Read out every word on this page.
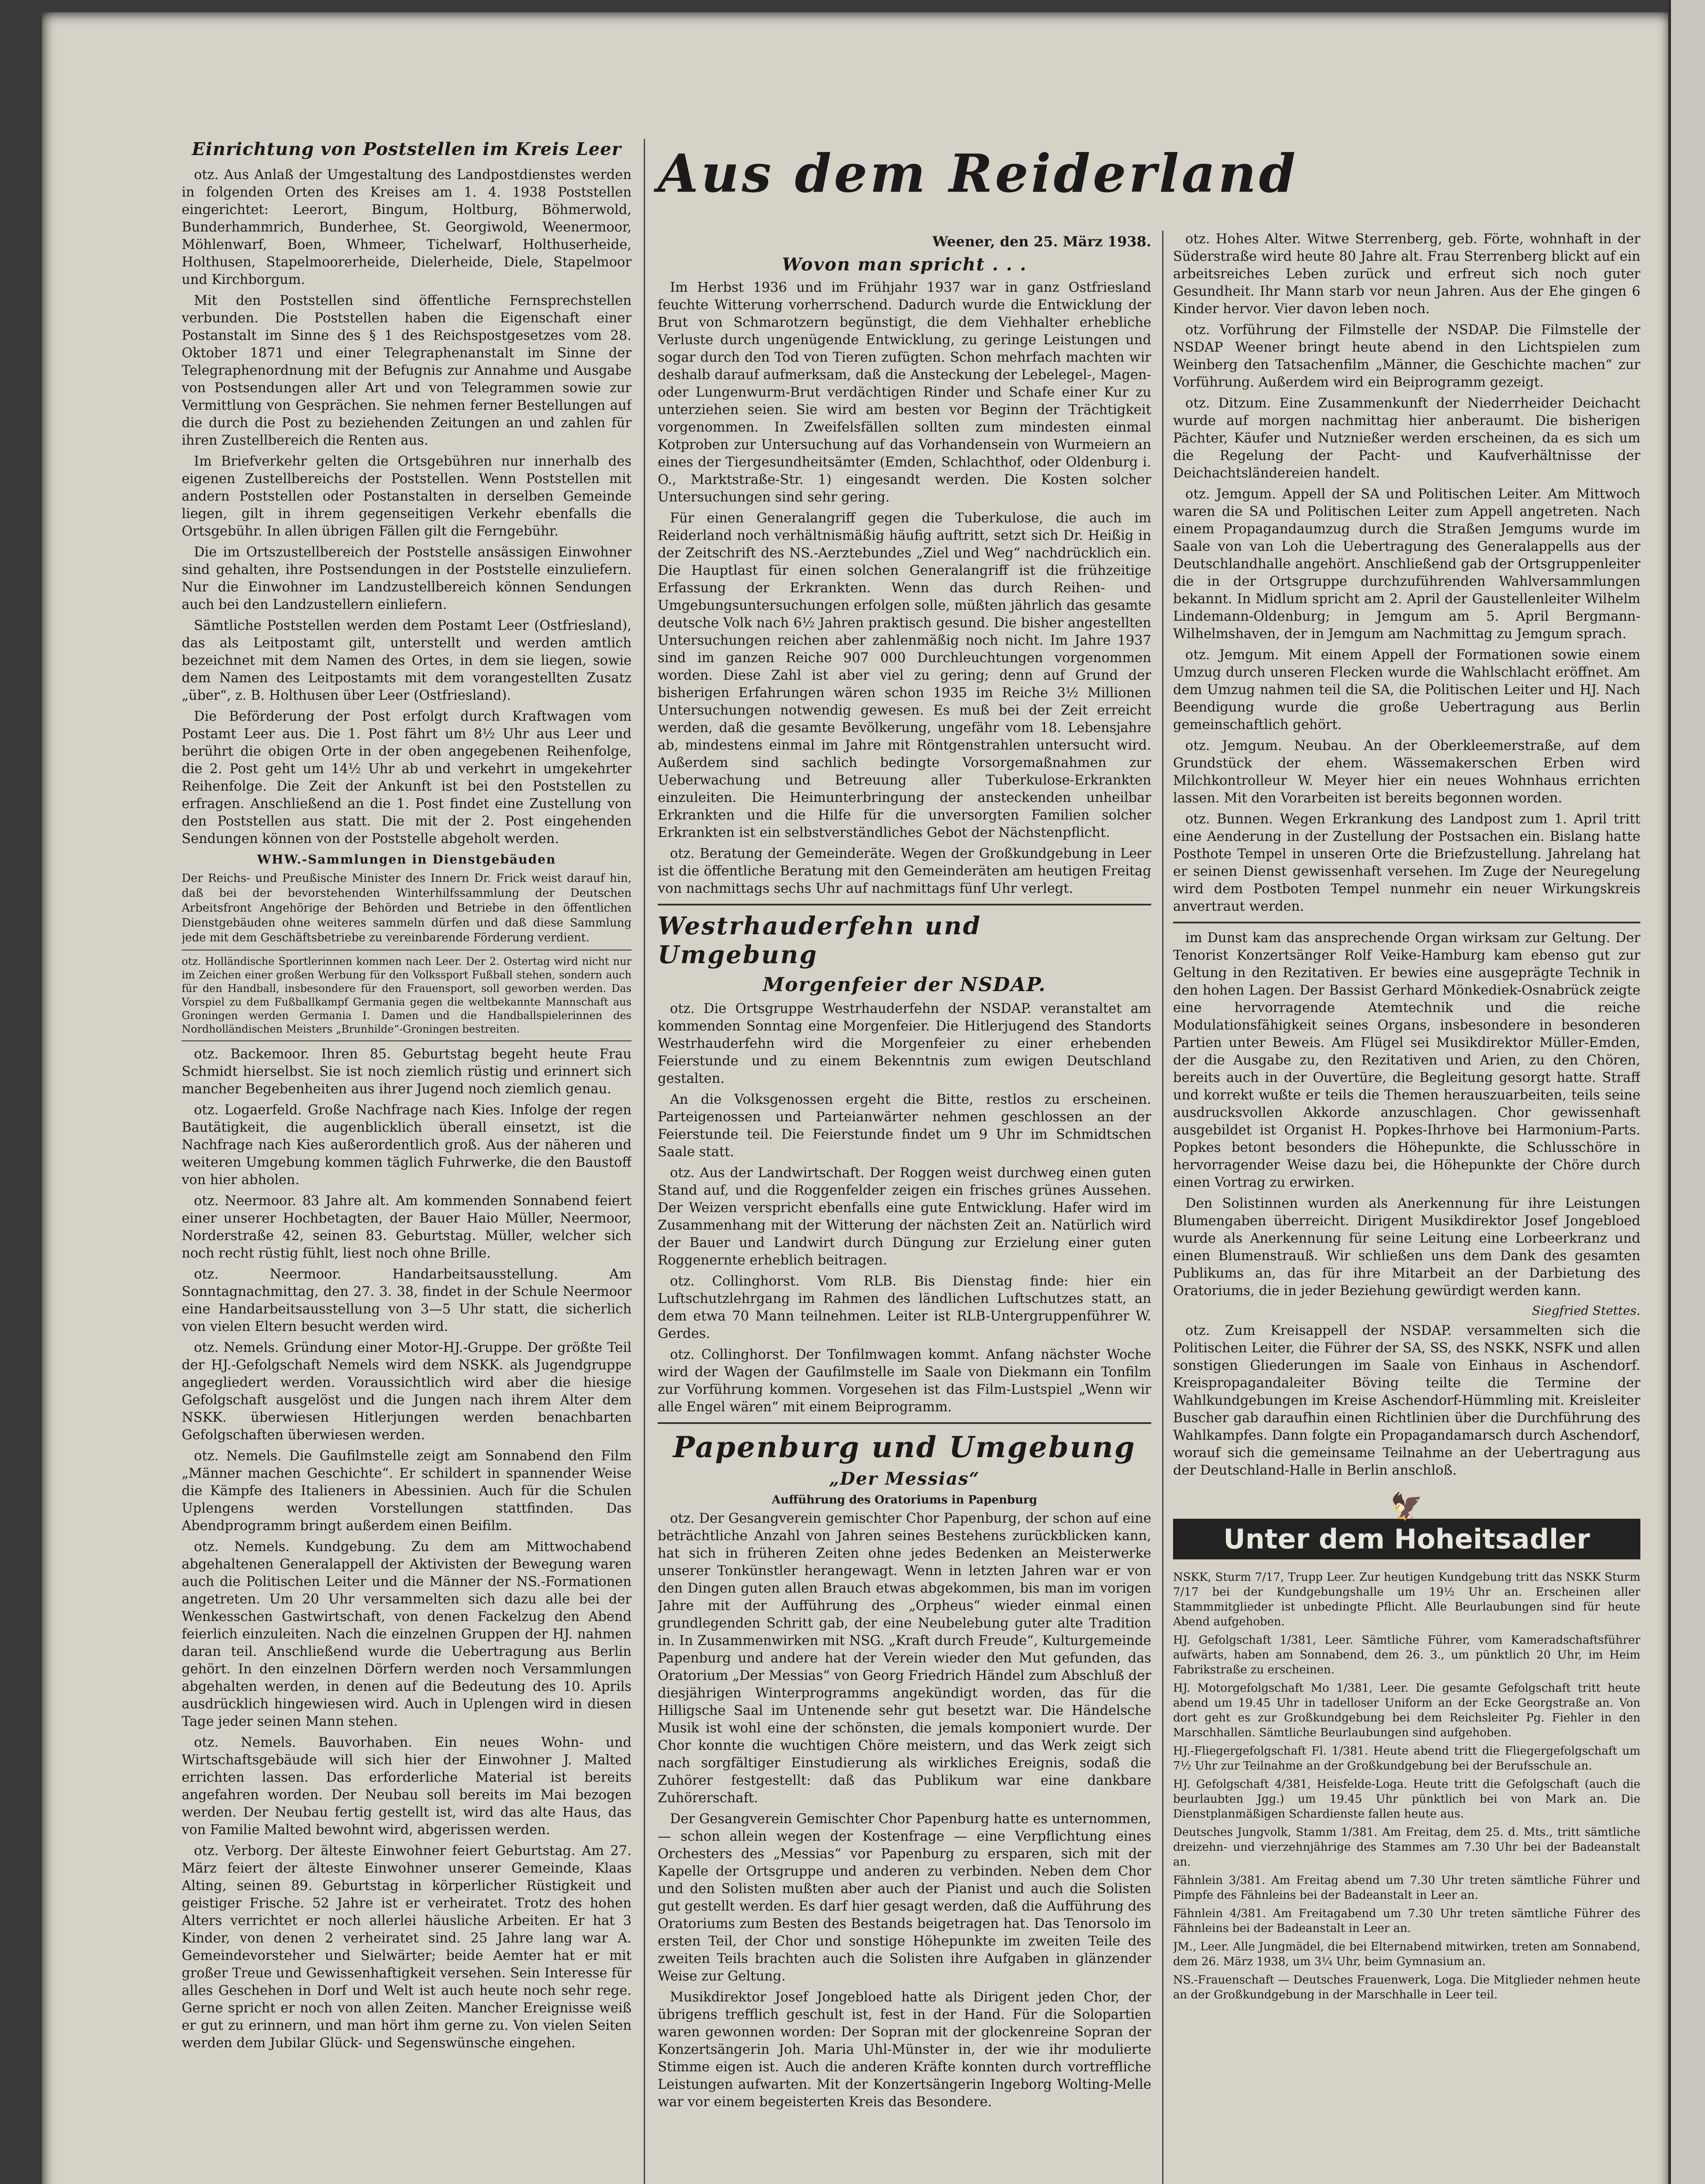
Einrichtung von Poststellen im Kreis Leer

otz. Aus Anlaß der Umgestaltung des Landpostdienstes werden in folgenden Orten des Kreises am 1. 4. 1938 Poststellen eingerichtet: Leerort, Bingum, Holtburg, Böhmerwold, Bunderhammrich, Bunderhee, St. Georgiwold, Weenermoor, Möhlenwarf, Boen, Whmeer, Tichelwarf, Holthuserheide, Holthusen, Stapelmoorerheide, Dielerheide, Diele, Stapelmoor und Kirchborgum.

Mit den Poststellen sind öffentliche Fernsprechstellen verbunden. Die Poststellen haben die Eigenschaft einer Postanstalt im Sinne des § 1 des Reichspostgesetzes vom 28. Oktober 1871 und einer Telegraphenanstalt im Sinne der Telegraphenordnung mit der Befugnis zur Annahme und Ausgabe von Postsendungen aller Art und von Telegrammen sowie zur Vermittlung von Gesprächen. Sie nehmen ferner Bestellungen auf die durch die Post zu beziehenden Zeitungen an und zahlen für ihren Zustellbereich die Renten aus.

Im Briefverkehr gelten die Ortsgebühren nur innerhalb des eigenen Zustellbereichs der Poststellen. Wenn Poststellen mit andern Poststellen oder Postanstalten in derselben Gemeinde liegen, gilt in ihrem gegenseitigen Verkehr ebenfalls die Ortsgebühr. In allen übrigen Fällen gilt die Ferngebühr.

Die im Ortszustellbereich der Poststelle ansässigen Einwohner sind gehalten, ihre Postsendungen in der Poststelle einzuliefern. Nur die Einwohner im Landzustellbereich können Sendungen auch bei den Landzustellern einliefern.

Sämtliche Poststellen werden dem Postamt Leer (Ostfriesland), das als Leitpostamt gilt, unterstellt und werden amtlich bezeichnet mit dem Namen des Ortes, in dem sie liegen, sowie dem Namen des Leitpostamts mit dem vorangestellten Zusatz „über“, z. B. Holthusen über Leer (Ostfriesland).

Die Beförderung der Post erfolgt durch Kraftwagen vom Postamt Leer aus. Die 1. Post fährt um 8½ Uhr aus Leer und berührt die obigen Orte in der oben angegebenen Reihenfolge, die 2. Post geht um 14½ Uhr ab und verkehrt in umgekehrter Reihenfolge. Die Zeit der Ankunft ist bei den Poststellen zu erfragen. Anschließend an die 1. Post findet eine Zustellung von den Poststellen aus statt. Die mit der 2. Post eingehenden Sendungen können von der Poststelle abgeholt werden.

WHW.-Sammlungen in Dienstgebäuden

Der Reichs- und Preußische Minister des Innern Dr. Frick weist darauf hin, daß bei der bevorstehenden Winterhilfssammlung der Deutschen Arbeitsfront Angehörige der Behörden und Betriebe in den öffentlichen Dienstgebäuden ohne weiteres sammeln dürfen und daß diese Sammlung jede mit dem Geschäftsbetriebe zu vereinbarende Förderung verdient.

otz. Holländische Sportlerinnen kommen nach Leer. Der 2. Ostertag wird nicht nur im Zeichen einer großen Werbung für den Volkssport Fußball stehen, sondern auch für den Handball, insbesondere für den Frauensport, soll geworben werden. Das Vorspiel zu dem Fußballkampf Germania gegen die weltbekannte Mannschaft aus Groningen werden Germania I. Damen und die Handballspielerinnen des Nordholländischen Meisters „Brunhilde“-Groningen bestreiten.

otz. Backemoor. Ihren 85. Geburtstag begeht heute Frau Schmidt hierselbst. Sie ist noch ziemlich rüstig und erinnert sich mancher Begebenheiten aus ihrer Jugend noch ziemlich genau.

otz. Logaerfeld. Große Nachfrage nach Kies. Infolge der regen Bautätigkeit, die augenblicklich überall einsetzt, ist die Nachfrage nach Kies außerordentlich groß. Aus der näheren und weiteren Umgebung kommen täglich Fuhrwerke, die den Baustoff von hier abholen.

otz. Neermoor. 83 Jahre alt. Am kommenden Sonnabend feiert einer unserer Hochbetagten, der Bauer Haio Müller, Neermoor, Norderstraße 42, seinen 83. Geburtstag. Müller, welcher sich noch recht rüstig fühlt, liest noch ohne Brille.

otz. Neermoor. Handarbeitsausstellung. Am Sonntagnachmittag, den 27. 3. 38, findet in der Schule Neermoor eine Handarbeitsausstellung von 3—5 Uhr statt, die sicherlich von vielen Eltern besucht werden wird.

otz. Nemels. Gründung einer Motor-HJ.-Gruppe. Der größte Teil der HJ.-Gefolgschaft Nemels wird dem NSKK. als Jugendgruppe angegliedert werden. Voraussichtlich wird aber die hiesige Gefolgschaft ausgelöst und die Jungen nach ihrem Alter dem NSKK. überwiesen Hitlerjungen werden benachbarten Gefolgschaften überwiesen werden.

otz. Nemels. Die Gaufilmstelle zeigt am Sonnabend den Film „Männer machen Geschichte“. Er schildert in spannender Weise die Kämpfe des Italieners in Abessinien. Auch für die Schulen Uplengens werden Vorstellungen stattfinden. Das Abendprogramm bringt außerdem einen Beifilm.

otz. Nemels. Kundgebung. Zu dem am Mittwochabend abgehaltenen Generalappell der Aktivisten der Bewegung waren auch die Politischen Leiter und die Männer der NS.-Formationen angetreten. Um 20 Uhr versammelten sich dazu alle bei der Wenkesschen Gastwirtschaft, von denen Fackelzug den Abend feierlich einzuleiten. Nach die einzelnen Gruppen der HJ. nahmen daran teil. Anschließend wurde die Uebertragung aus Berlin gehört. In den einzelnen Dörfern werden noch Versammlungen abgehalten werden, in denen auf die Bedeutung des 10. Aprils ausdrücklich hingewiesen wird. Auch in Uplengen wird in diesen Tage jeder seinen Mann stehen.

otz. Nemels. Bauvorhaben. Ein neues Wohn- und Wirtschaftsgebäude will sich hier der Einwohner J. Malted errichten lassen. Das erforderliche Material ist bereits angefahren worden. Der Neubau soll bereits im Mai bezogen werden. Der Neubau fertig gestellt ist, wird das alte Haus, das von Familie Malted bewohnt wird, abgerissen werden.

otz. Verborg. Der älteste Einwohner feiert Geburtstag. Am 27. März feiert der älteste Einwohner unserer Gemeinde, Klaas Alting, seinen 89. Geburtstag in körperlicher Rüstigkeit und geistiger Frische. 52 Jahre ist er verheiratet. Trotz des hohen Alters verrichtet er noch allerlei häusliche Arbeiten. Er hat 3 Kinder, von denen 2 verheiratet sind. 25 Jahre lang war A. Gemeindevorsteher und Sielwärter; beide Aemter hat er mit großer Treue und Gewissenhaftigkeit versehen. Sein Interesse für alles Geschehen in Dorf und Welt ist auch heute noch sehr rege. Gerne spricht er noch von allen Zeiten. Mancher Ereignisse weiß er gut zu erinnern, und man hört ihm gerne zu. Von vielen Seiten werden dem Jubilar Glück- und Segenswünsche eingehen.

Aus dem Reiderland
Weener, den 25. März 1938.
Wovon man spricht . . .

Im Herbst 1936 und im Frühjahr 1937 war in ganz Ostfriesland feuchte Witterung vorherrschend. Dadurch wurde die Entwicklung der Brut von Schmarotzern begünstigt, die dem Viehhalter erhebliche Verluste durch ungenügende Entwicklung, zu geringe Leistungen und sogar durch den Tod von Tieren zufügten. Schon mehrfach machten wir deshalb darauf aufmerksam, daß die Ansteckung der Lebelegel-, Magen- oder Lungenwurm-Brut verdächtigen Rinder und Schafe einer Kur zu unterziehen seien. Sie wird am besten vor Beginn der Trächtigkeit vorgenommen. In Zweifelsfällen sollten zum mindesten einmal Kotproben zur Untersuchung auf das Vorhandensein von Wurmeiern an eines der Tiergesundheitsämter (Emden, Schlachthof, oder Oldenburg i. O., Marktstraße-Str. 1) eingesandt werden. Die Kosten solcher Untersuchungen sind sehr gering.

Für einen Generalangriff gegen die Tuberkulose, die auch im Reiderland noch verhältnismäßig häufig auftritt, setzt sich Dr. Heißig in der Zeitschrift des NS.-Aerztebundes „Ziel und Weg“ nachdrücklich ein. Die Hauptlast für einen solchen Generalangriff ist die frühzeitige Erfassung der Erkrankten. Wenn das durch Reihen- und Umgebungsuntersuchungen erfolgen solle, müßten jährlich das gesamte deutsche Volk nach 6½ Jahren praktisch gesund. Die bisher angestellten Untersuchungen reichen aber zahlenmäßig noch nicht. Im Jahre 1937 sind im ganzen Reiche 907 000 Durchleuchtungen vorgenommen worden. Diese Zahl ist aber viel zu gering; denn auf Grund der bisherigen Erfahrungen wären schon 1935 im Reiche 3½ Millionen Untersuchungen notwendig gewesen. Es muß bei der Zeit erreicht werden, daß die gesamte Bevölkerung, ungefähr vom 18. Lebensjahre ab, mindestens einmal im Jahre mit Röntgenstrahlen untersucht wird. Außerdem sind sachlich bedingte Vorsorgemaßnahmen zur Ueberwachung und Betreuung aller Tuberkulose-Erkrankten einzuleiten. Die Heimunterbringung der ansteckenden unheilbar Erkrankten und die Hilfe für die unversorgten Familien solcher Erkrankten ist ein selbstverständliches Gebot der Nächstenpflicht.

otz. Beratung der Gemeinderäte. Wegen der Großkundgebung in Leer ist die öffentliche Beratung mit den Gemeinderäten am heutigen Freitag von nachmittags sechs Uhr auf nachmittags fünf Uhr verlegt.

Westrhauderfehn und Umgebung
Morgenfeier der NSDAP.

otz. Die Ortsgruppe Westrhauderfehn der NSDAP. veranstaltet am kommenden Sonntag eine Morgenfeier. Die Hitlerjugend des Standorts Westrhauderfehn wird die Morgenfeier zu einer erhebenden Feierstunde und zu einem Bekenntnis zum ewigen Deutschland gestalten.

An die Volksgenossen ergeht die Bitte, restlos zu erscheinen. Parteigenossen und Parteianwärter nehmen geschlossen an der Feierstunde teil. Die Feierstunde findet um 9 Uhr im Schmidtschen Saale statt.

otz. Aus der Landwirtschaft. Der Roggen weist durchweg einen guten Stand auf, und die Roggenfelder zeigen ein frisches grünes Aussehen. Der Weizen verspricht ebenfalls eine gute Entwicklung. Hafer wird im Zusammenhang mit der Witterung der nächsten Zeit an. Natürlich wird der Bauer und Landwirt durch Düngung zur Erzielung einer guten Roggenernte erheblich beitragen.

otz. Collinghorst. Vom RLB. Bis Dienstag finde: hier ein Luftschutzlehrgang im Rahmen des ländlichen Luftschutzes statt, an dem etwa 70 Mann teilnehmen. Leiter ist RLB-Untergruppenführer W. Gerdes.

otz. Collinghorst. Der Tonfilmwagen kommt. Anfang nächster Woche wird der Wagen der Gaufilmstelle im Saale von Diekmann ein Tonfilm zur Vorführung kommen. Vorgesehen ist das Film-Lustspiel „Wenn wir alle Engel wären“ mit einem Beiprogramm.

Papenburg und Umgebung
„Der Messias“
Aufführung des Oratoriums in Papenburg

otz. Der Gesangverein gemischter Chor Papenburg, der schon auf eine beträchtliche Anzahl von Jahren seines Bestehens zurückblicken kann, hat sich in früheren Zeiten ohne jedes Bedenken an Meisterwerke unserer Tonkünstler herangewagt. Wenn in letzten Jahren war er von den Dingen guten allen Brauch etwas abgekommen, bis man im vorigen Jahre mit der Aufführung des „Orpheus“ wieder einmal einen grundlegenden Schritt gab, der eine Neubelebung guter alte Tradition in. In Zusammenwirken mit NSG. „Kraft durch Freude“, Kulturgemeinde Papenburg und andere hat der Verein wieder den Mut gefunden, das Oratorium „Der Messias“ von Georg Friedrich Händel zum Abschluß der diesjährigen Winterprogramms angekündigt worden, das für die Hilligsche Saal im Untenende sehr gut besetzt war. Die Händelsche Musik ist wohl eine der schönsten, die jemals komponiert wurde. Der Chor konnte die wuchtigen Chöre meistern, und das Werk zeigt sich nach sorgfältiger Einstudierung als wirkliches Ereignis, sodaß die Zuhörer festgestellt: daß das Publikum war eine dankbare Zuhörerschaft.

Der Gesangverein Gemischter Chor Papenburg hatte es unternommen, — schon allein wegen der Kostenfrage — eine Verpflichtung eines Orchesters des „Messias“ vor Papenburg zu ersparen, sich mit der Kapelle der Ortsgruppe und anderen zu verbinden. Neben dem Chor und den Solisten mußten aber auch der Pianist und auch die Solisten gut gestellt werden. Es darf hier gesagt werden, daß die Aufführung des Oratoriums zum Besten des Bestands beigetragen hat. Das Tenorsolo im ersten Teil, der Chor und sonstige Höhepunkte im zweiten Teile des zweiten Teils brachten auch die Solisten ihre Aufgaben in glänzender Weise zur Geltung.

Musikdirektor Josef Jongebloed hatte als Dirigent jeden Chor, der übrigens trefflich geschult ist, fest in der Hand. Für die Solopartien waren gewonnen worden: Der Sopran mit der glockenreine Sopran der Konzertsängerin Joh. Maria Uhl-Münster in, der wie ihr modulierte Stimme eigen ist. Auch die anderen Kräfte konnten durch vortreffliche Leistungen aufwarten. Mit der Konzertsängerin Ingeborg Wolting-Melle war vor einem begeisterten Kreis das Besondere.

otz. Hohes Alter. Witwe Sterrenberg, geb. Förte, wohnhaft in der Süderstraße wird heute 80 Jahre alt. Frau Sterrenberg blickt auf ein arbeitsreiches Leben zurück und erfreut sich noch guter Gesundheit. Ihr Mann starb vor neun Jahren. Aus der Ehe gingen 6 Kinder hervor. Vier davon leben noch.

otz. Vorführung der Filmstelle der NSDAP. Die Filmstelle der NSDAP Weener bringt heute abend in den Lichtspielen zum Weinberg den Tatsachenfilm „Männer, die Geschichte machen“ zur Vorführung. Außerdem wird ein Beiprogramm gezeigt.

otz. Ditzum. Eine Zusammenkunft der Niederrheider Deichacht wurde auf morgen nachmittag hier anberaumt. Die bisherigen Pächter, Käufer und Nutznießer werden erscheinen, da es sich um die Regelung der Pacht- und Kaufverhältnisse der Deichachtsländereien handelt.

otz. Jemgum. Appell der SA und Politischen Leiter. Am Mittwoch waren die SA und Politischen Leiter zum Appell angetreten. Nach einem Propagandaumzug durch die Straßen Jemgums wurde im Saale von van Loh die Uebertragung des Generalappells aus der Deutschlandhalle angehört. Anschließend gab der Ortsgruppenleiter die in der Ortsgruppe durchzuführenden Wahlversammlungen bekannt. In Midlum spricht am 2. April der Gaustellenleiter Wilhelm Lindemann-Oldenburg; in Jemgum am 5. April Bergmann-Wilhelmshaven, der in Jemgum am Nachmittag zu Jemgum sprach.

otz. Jemgum. Mit einem Appell der Formationen sowie einem Umzug durch unseren Flecken wurde die Wahlschlacht eröffnet. Am dem Umzug nahmen teil die SA, die Politischen Leiter und HJ. Nach Beendigung wurde die große Uebertragung aus Berlin gemeinschaftlich gehört.

otz. Jemgum. Neubau. An der Oberkleemerstraße, auf dem Grundstück der ehem. Wässemakerschen Erben wird Milchkontrolleur W. Meyer hier ein neues Wohnhaus errichten lassen. Mit den Vorarbeiten ist bereits begonnen worden.

otz. Bunnen. Wegen Erkrankung des Landpost zum 1. April tritt eine Aenderung in der Zustellung der Postsachen ein. Bislang hatte Posthote Tempel in unseren Orte die Briefzustellung. Jahrelang hat er seinen Dienst gewissenhaft versehen. Im Zuge der Neuregelung wird dem Postboten Tempel nunmehr ein neuer Wirkungskreis anvertraut werden.

im Dunst kam das ansprechende Organ wirksam zur Geltung. Der Tenorist Konzertsänger Rolf Veike-Hamburg kam ebenso gut zur Geltung in den Rezitativen. Er bewies eine ausgeprägte Technik in den hohen Lagen. Der Bassist Gerhard Mönkediek-Osnabrück zeigte eine hervorragende Atemtechnik und die reiche Modulationsfähigkeit seines Organs, insbesondere in besonderen Partien unter Beweis. Am Flügel sei Musikdirektor Müller-Emden, der die Ausgabe zu, den Rezitativen und Arien, zu den Chören, bereits auch in der Ouvertüre, die Begleitung gesorgt hatte. Straff und korrekt wußte er teils die Themen herauszuarbeiten, teils seine ausdrucksvollen Akkorde anzuschlagen. Chor gewissenhaft ausgebildet ist Organist H. Popkes-Ihrhove bei Harmonium-Parts. Popkes betont besonders die Höhepunkte, die Schlusschöre in hervorragender Weise dazu bei, die Höhepunkte der Chöre durch einen Vortrag zu erwirken.

Den Solistinnen wurden als Anerkennung für ihre Leistungen Blumengaben überreicht. Dirigent Musikdirektor Josef Jongebloed wurde als Anerkennung für seine Leitung eine Lorbeerkranz und einen Blumenstrauß. Wir schließen uns dem Dank des gesamten Publikums an, das für ihre Mitarbeit an der Darbietung des Oratoriums, die in jeder Beziehung gewürdigt werden kann.

Siegfried Stettes.

otz. Zum Kreisappell der NSDAP. versammelten sich die Politischen Leiter, die Führer der SA, SS, des NSKK, NSFK und allen sonstigen Gliederungen im Saale von Einhaus in Aschendorf. Kreispropagandaleiter Böving teilte die Termine der Wahlkundgebungen im Kreise Aschendorf-Hümmling mit. Kreisleiter Buscher gab daraufhin einen Richtlinien über die Durchführung des Wahlkampfes. Dann folgte ein Propagandamarsch durch Aschendorf, worauf sich die gemeinsame Teilnahme an der Uebertragung aus der Deutschland-Halle in Berlin anschloß.

🦅
Unter dem Hoheitsadler

NSKK, Sturm 7/17, Trupp Leer. Zur heutigen Kundgebung tritt das NSKK Sturm 7/17 bei der Kundgebungshalle um 19½ Uhr an. Erscheinen aller Stammmitglieder ist unbedingte Pflicht. Alle Beurlaubungen sind für heute Abend aufgehoben.

HJ. Gefolgschaft 1/381, Leer. Sämtliche Führer, vom Kameradschaftsführer aufwärts, haben am Sonnabend, dem 26. 3., um pünktlich 20 Uhr, im Heim Fabrikstraße zu erscheinen.

HJ. Motorgefolgschaft Mo 1/381, Leer. Die gesamte Gefolgschaft tritt heute abend um 19.45 Uhr in tadelloser Uniform an der Ecke Georgstraße an. Von dort geht es zur Großkundgebung bei dem Reichsleiter Pg. Fiehler in den Marschhallen. Sämtliche Beurlaubungen sind aufgehoben.

HJ.-Fliegergefolgschaft Fl. 1/381. Heute abend tritt die Fliegergefolgschaft um 7½ Uhr zur Teilnahme an der Großkundgebung bei der Berufsschule an.

HJ. Gefolgschaft 4/381, Heisfelde-Loga. Heute tritt die Gefolgschaft (auch die beurlaubten Jgg.) um 19.45 Uhr pünktlich bei von Mark an. Die Dienstplanmäßigen Schardienste fallen heute aus.

Deutsches Jungvolk, Stamm 1/381. Am Freitag, dem 25. d. Mts., tritt sämtliche dreizehn- und vierzehnjährige des Stammes am 7.30 Uhr bei der Badeanstalt an.

Fähnlein 3/381. Am Freitag abend um 7.30 Uhr treten sämtliche Führer und Pimpfe des Fähnleins bei der Badeanstalt in Leer an.

Fähnlein 4/381. Am Freitagabend um 7.30 Uhr treten sämtliche Führer des Fähnleins bei der Badeanstalt in Leer an.

JM., Leer. Alle Jungmädel, die bei Elternabend mitwirken, treten am Sonnabend, dem 26. März 1938, um 3¼ Uhr, beim Gymnasium an.

NS.-Frauenschaft — Deutsches Frauenwerk, Loga. Die Mitglieder nehmen heute an der Großkundgebung in der Marschhalle in Leer teil.
